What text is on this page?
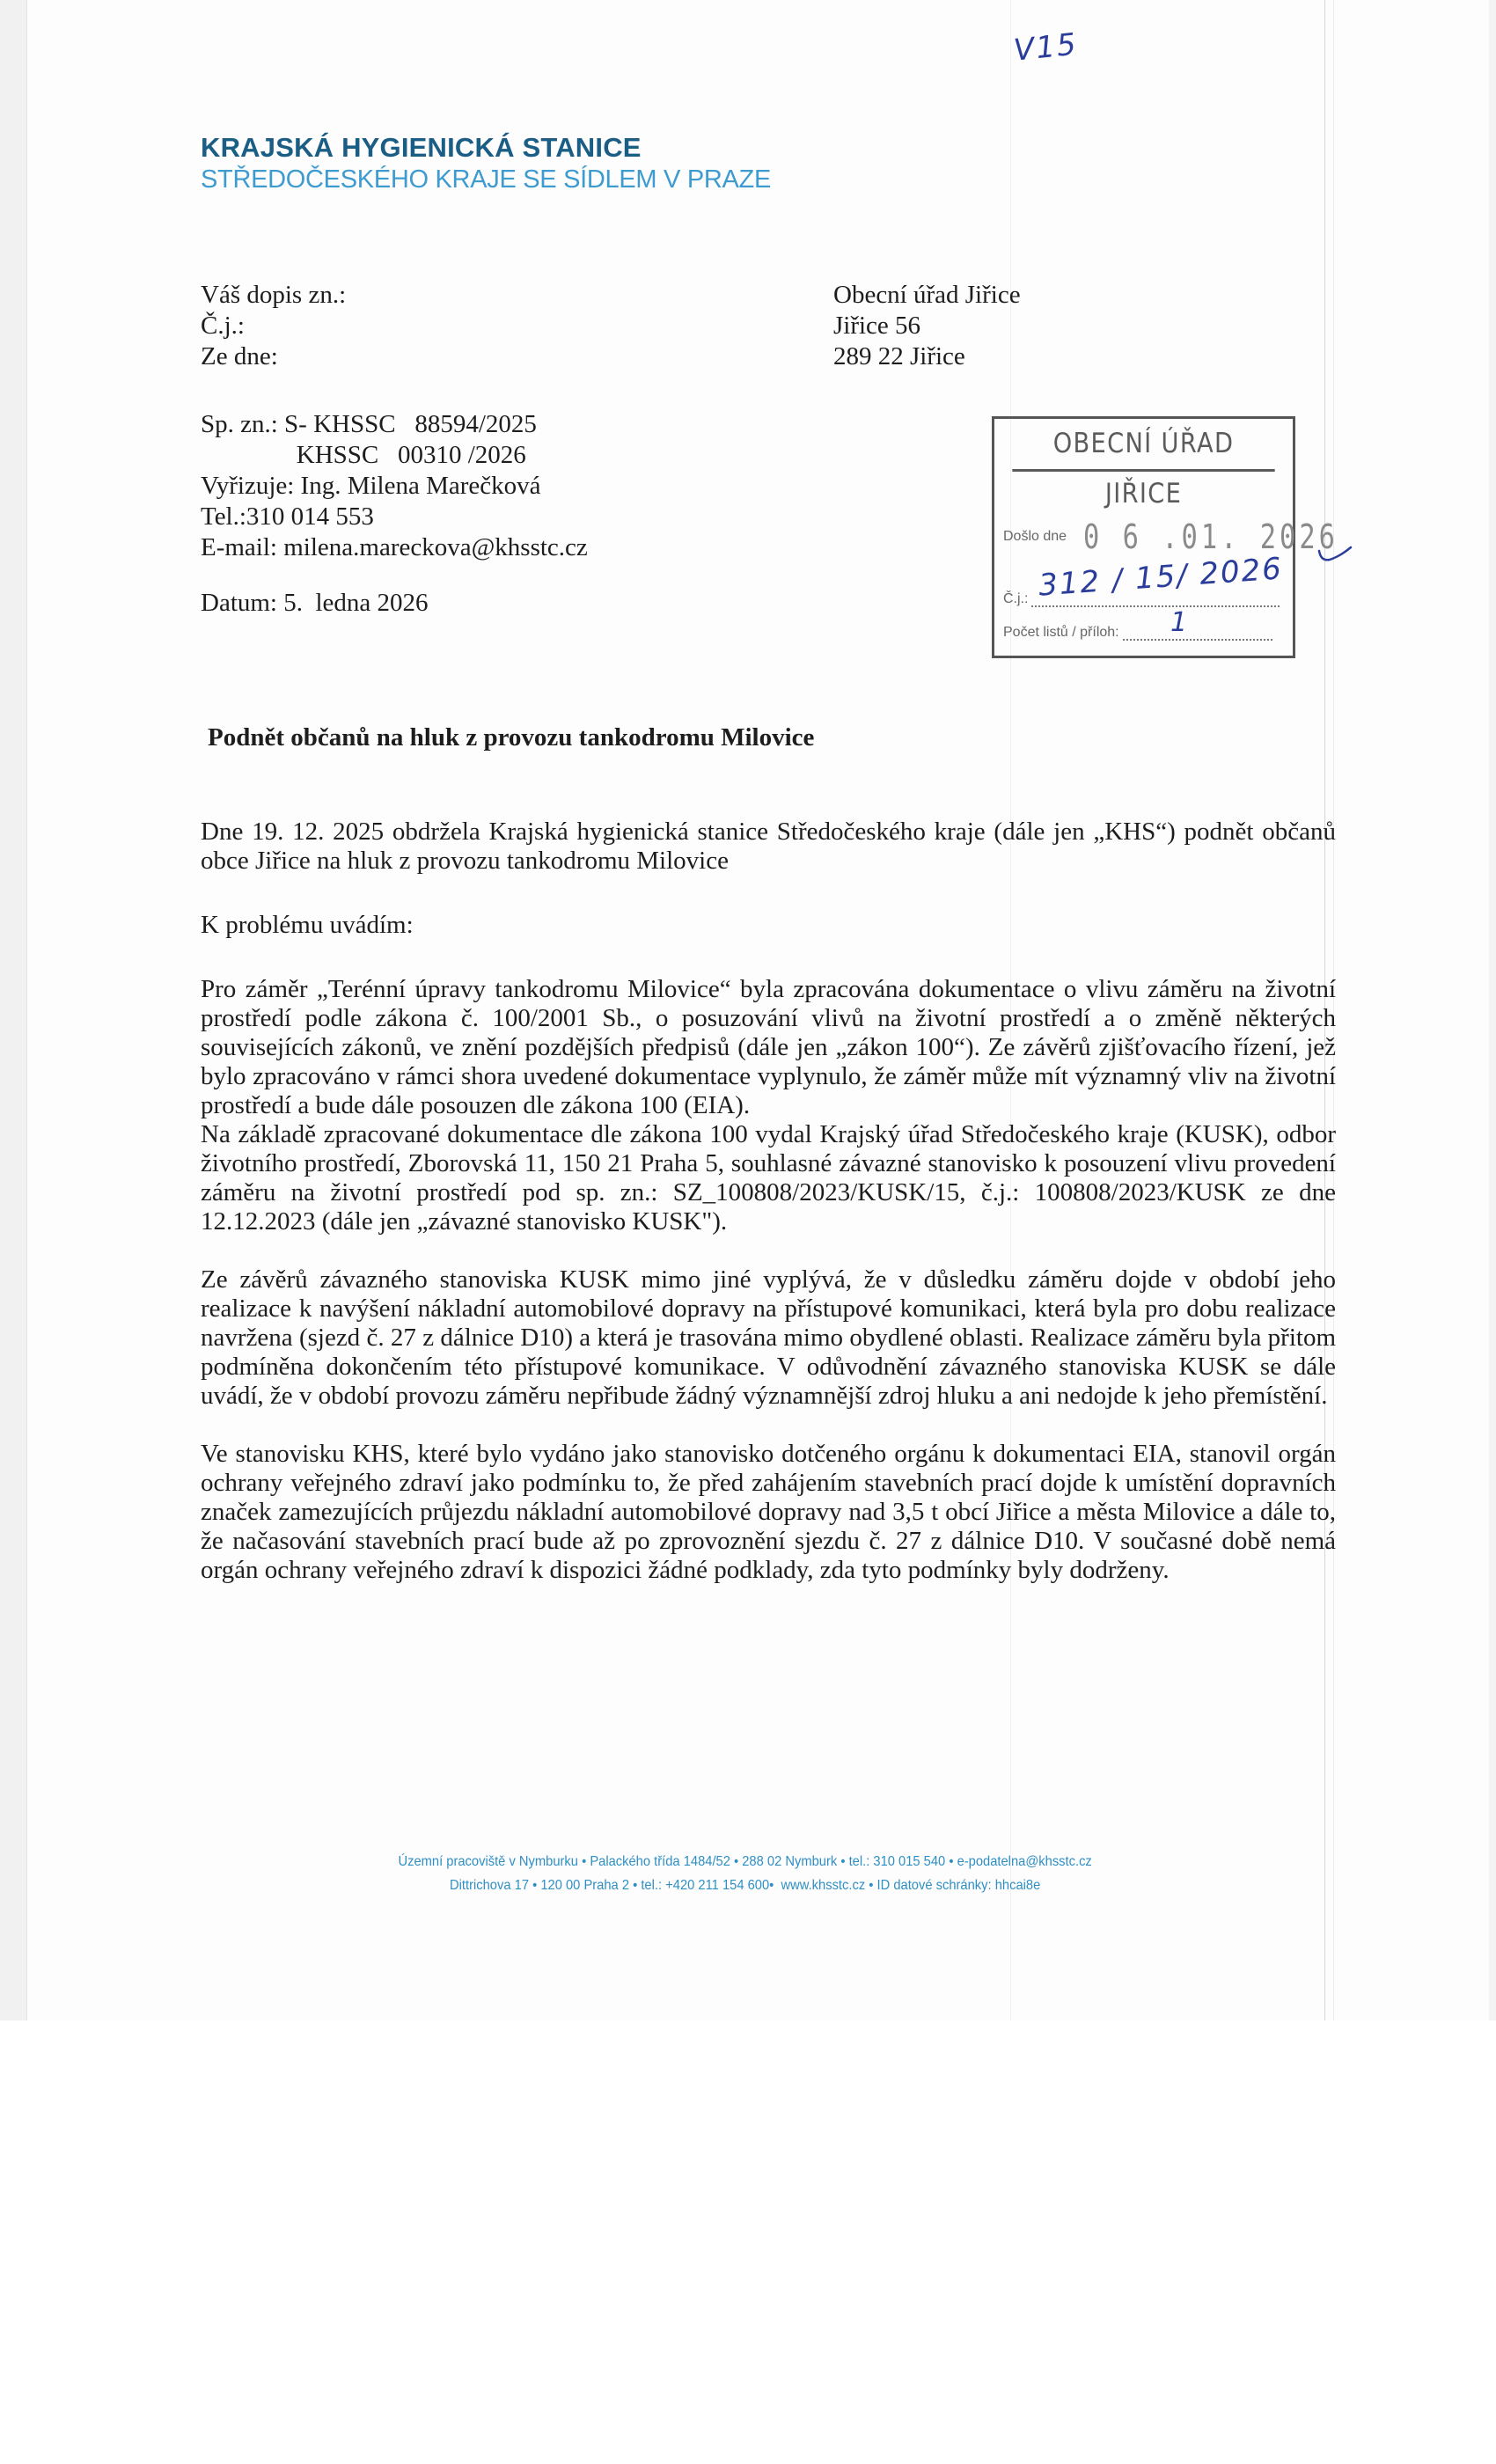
V15
KRAJSKÁ HYGIENICKÁ STANICE
STŘEDOČESKÉHO KRAJE SE SÍDLEM V PRAZE
Váš dopis zn.:
Č.j.:
Ze dne:
Sp. zn.: S- KHSSC   88594/2025
KHSSC   00310 /2026
Vyřizuje: Ing. Milena Marečková
Tel.:310 014 553
E-mail: milena.mareckova@khsstc.cz
Datum: 5.  ledna 2026
Obecní úřad Jiřice
Jiřice 56
289 22 Jiřice
OBECNÍ ÚŘAD JIŘICE
Došlo dne 0 6 .01. 2026
Č.j.:
Počet listů / příloh:
312 / 15/ 2026
1
Podnět občanů na hluk z provozu tankodromu Milovice

Dne 19. 12. 2025 obdržela Krajská hygienická stanice Středočeského kraje (dále jen „KHS“) podnět občanů obce Jiřice na hluk z provozu tankodromu Milovice

K problému uvádím:

Pro záměr „Terénní úpravy tankodromu Milovice“ byla zpracována dokumentace o vlivu záměru na životní prostředí podle zákona č. 100/2001 Sb., o posuzování vlivů na životní prostředí a o změně některých souvisejících zákonů, ve znění pozdějších předpisů (dále jen „zákon 100“). Ze závěrů zjišťovacího řízení, jež bylo zpracováno v rámci shora uvedené dokumentace vyplynulo, že záměr může mít významný vliv na životní prostředí a bude dále posouzen dle zákona 100 (EIA).

Na základě zpracované dokumentace dle zákona 100 vydal Krajský úřad Středočeského kraje (KUSK), odbor životního prostředí, Zborovská 11, 150 21 Praha 5, souhlasné závazné stanovisko k posouzení vlivu provedení záměru na životní prostředí pod sp. zn.: SZ_100808/2023/KUSK/15, č.j.: 100808/2023/KUSK ze dne 12.12.2023 (dále jen „závazné stanovisko KUSK").

Ze závěrů závazného stanoviska KUSK mimo jiné vyplývá, že v důsledku záměru dojde v období jeho realizace k navýšení nákladní automobilové dopravy na přístupové komunikaci, která byla pro dobu realizace navržena (sjezd č. 27 z dálnice D10) a která je trasována mimo obydlené oblasti. Realizace záměru byla přitom podmíněna dokončením této přístupové komunikace. V odůvodnění závazného stanoviska KUSK se dále uvádí, že v období provozu záměru nepřibude žádný významnější zdroj hluku a ani nedojde k jeho přemístění.

Ve stanovisku KHS, které bylo vydáno jako stanovisko dotčeného orgánu k dokumentaci EIA, stanovil orgán ochrany veřejného zdraví jako podmínku to, že před zahájením stavebních prací dojde k umístění dopravních značek zamezujících průjezdu nákladní automobilové dopravy nad 3,5 t obcí Jiřice a města Milovice a dále to, že načasování stavebních prací bude až po zprovoznění sjezdu č. 27 z dálnice D10. V současné době nemá orgán ochrany veřejného zdraví k dispozici žádné podklady, zda tyto podmínky byly dodrženy.

Územní pracoviště v Nymburku • Palackého třída 1484/52 • 288 02 Nymburk • tel.: 310 015 540 • e-podatelna@khsstc.cz
Dittrichova 17 • 120 00 Praha 2 • tel.: +420 211 154 600•  www.khsstc.cz • ID datové schránky: hhcai8e
